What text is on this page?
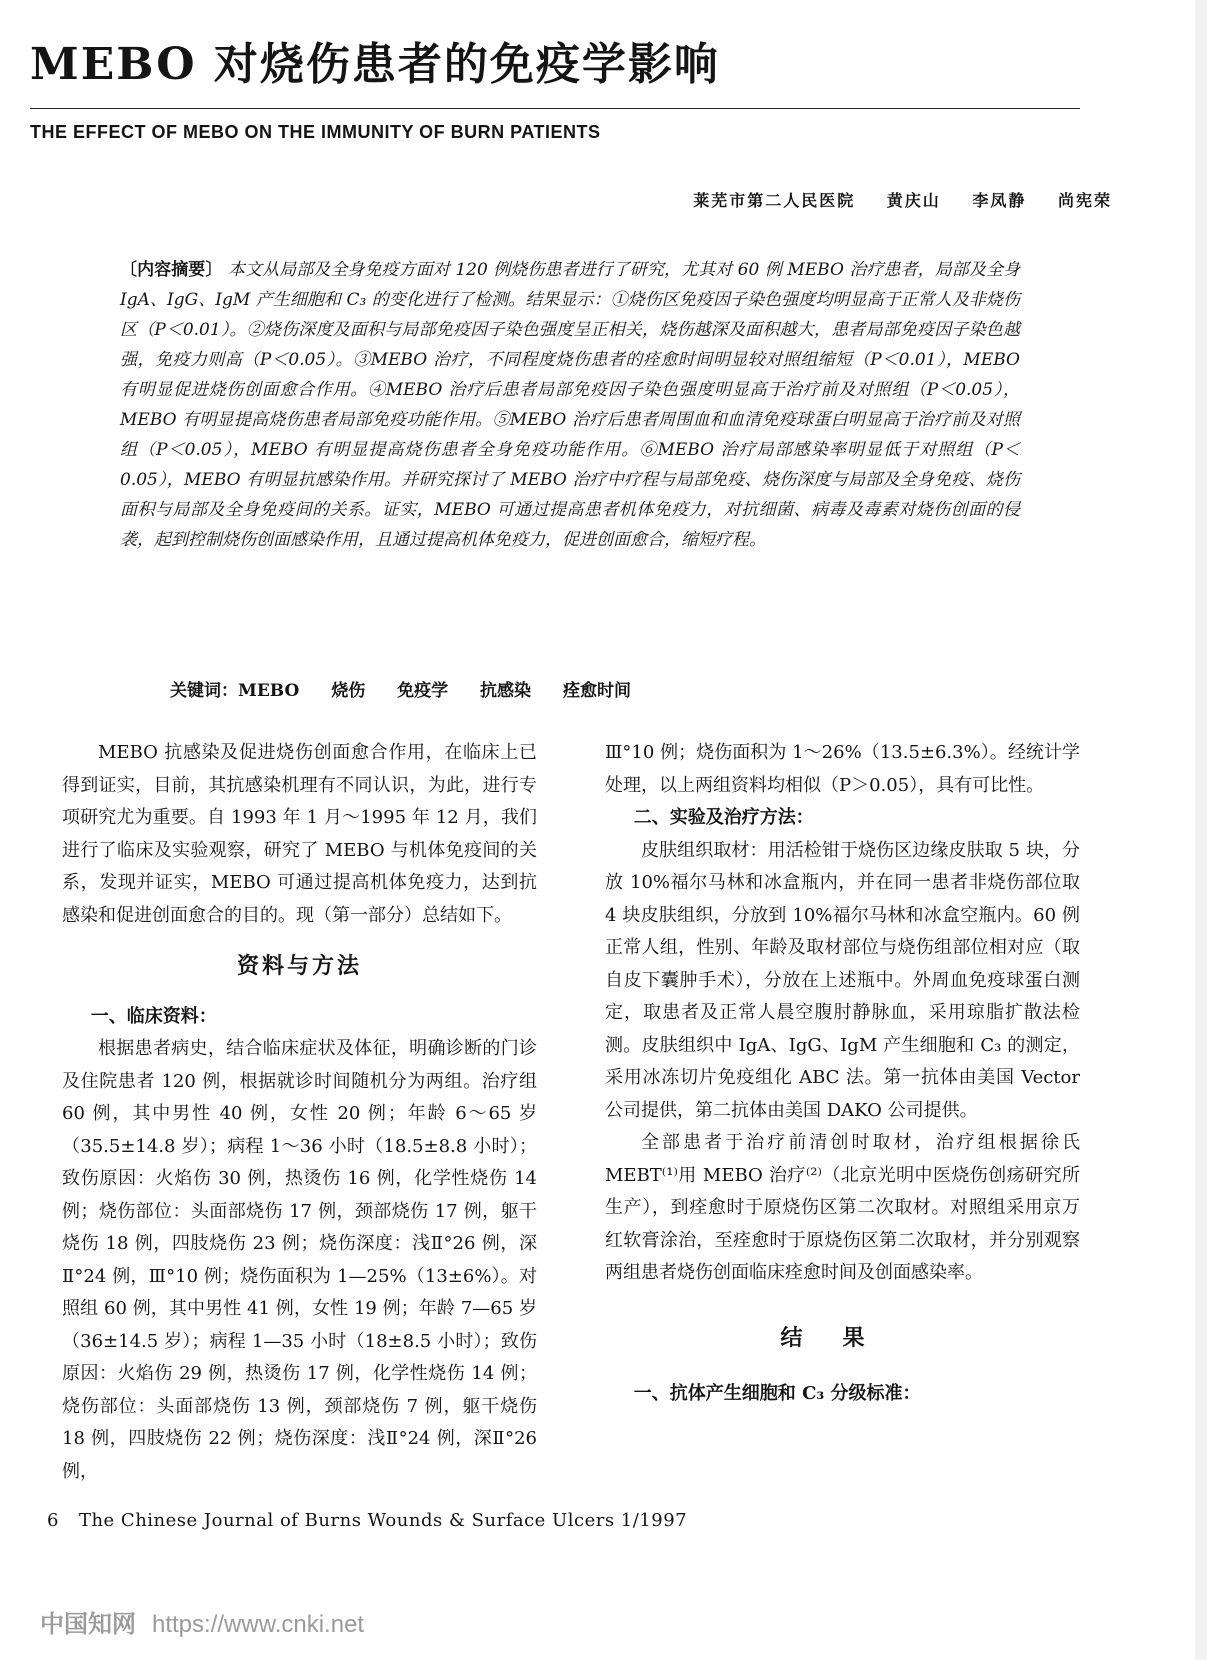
MEBO 对烧伤患者的免疫学影响
THE EFFECT OF MEBO ON THE IMMUNITY OF BURN PATIENTS
莱芜市第二人民医院 黄庆山 李凤静 尚宪荣
〔内容摘要〕 本文从局部及全身免疫方面对 120 例烧伤患者进行了研究，尤其对 60 例 MEBO 治疗患者，局部及全身 IgA、IgG、IgM 产生细胞和 C₃ 的变化进行了检测。结果显示：①烧伤区免疫因子染色强度均明显高于正常人及非烧伤区（P＜0.01）。②烧伤深度及面积与局部免疫因子染色强度呈正相关，烧伤越深及面积越大，患者局部免疫因子染色越强，免疫力则高（P＜0.05）。③MEBO 治疗，不同程度烧伤患者的痊愈时间明显较对照组缩短（P＜0.01），MEBO 有明显促进烧伤创面愈合作用。④MEBO 治疗后患者局部免疫因子染色强度明显高于治疗前及对照组（P＜0.05），MEBO 有明显提高烧伤患者局部免疫功能作用。⑤MEBO 治疗后患者周围血和血清免疫球蛋白明显高于治疗前及对照组（P＜0.05），MEBO 有明显提高烧伤患者全身免疫功能作用。⑥MEBO 治疗局部感染率明显低于对照组（P＜0.05），MEBO 有明显抗感染作用。并研究探讨了 MEBO 治疗中疗程与局部免疫、烧伤深度与局部及全身免疫、烧伤面积与局部及全身免疫间的关系。证实，MEBO 可通过提高患者机体免疫力，对抗细菌、病毒及毒素对烧伤创面的侵袭，起到控制烧伤创面感染作用，且通过提高机体免疫力，促进创面愈合，缩短疗程。
关键词：MEBO 烧伤 免疫学 抗感染 痊愈时间

MEBO 抗感染及促进烧伤创面愈合作用，在临床上已得到证实，目前，其抗感染机理有不同认识，为此，进行专项研究尤为重要。自 1993 年 1 月～1995 年 12 月，我们进行了临床及实验观察，研究了 MEBO 与机体免疫间的关系，发现并证实，MEBO 可通过提高机体免疫力，达到抗感染和促进创面愈合的目的。现（第一部分）总结如下。

资料与方法
一、临床资料：

根据患者病史，结合临床症状及体征，明确诊断的门诊及住院患者 120 例，根据就诊时间随机分为两组。治疗组 60 例，其中男性 40 例，女性 20 例；年龄 6～65 岁（35.5±14.8 岁）；病程 1～36 小时（18.5±8.8 小时）；致伤原因：火焰伤 30 例，热烫伤 16 例，化学性烧伤 14 例；烧伤部位：头面部烧伤 17 例，颈部烧伤 17 例，躯干烧伤 18 例，四肢烧伤 23 例；烧伤深度：浅Ⅱ°26 例，深Ⅱ°24 例，Ⅲ°10 例；烧伤面积为 1—25%（13±6%）。对照组 60 例，其中男性 41 例，女性 19 例；年龄 7—65 岁（36±14.5 岁）；病程 1—35 小时（18±8.5 小时）；致伤原因：火焰伤 29 例，热烫伤 17 例，化学性烧伤 14 例；烧伤部位：头面部烧伤 13 例，颈部烧伤 7 例，躯干烧伤 18 例，四肢烧伤 22 例；烧伤深度：浅Ⅱ°24 例，深Ⅱ°26 例，

Ⅲ°10 例；烧伤面积为 1～26%（13.5±6.3%）。经统计学处理，以上两组资料均相似（P＞0.05），具有可比性。

二、实验及治疗方法：

皮肤组织取材：用活检钳于烧伤区边缘皮肤取 5 块，分放 10%福尔马林和冰盒瓶内，并在同一患者非烧伤部位取 4 块皮肤组织，分放到 10%福尔马林和冰盒空瓶内。60 例正常人组，性别、年龄及取材部位与烧伤组部位相对应（取自皮下囊肿手术），分放在上述瓶中。外周血免疫球蛋白测定，取患者及正常人晨空腹肘静脉血，采用琼脂扩散法检测。皮肤组织中 IgA、IgG、IgM 产生细胞和 C₃ 的测定，采用冰冻切片免疫组化 ABC 法。第一抗体由美国 Vector 公司提供，第二抗体由美国 DAKO 公司提供。

全部患者于治疗前清创时取材，治疗组根据徐氏 MEBT⁽¹⁾用 MEBO 治疗⁽²⁾（北京光明中医烧伤创疡研究所生产），到痊愈时于原烧伤区第二次取材。对照组采用京万红软膏涂治，至痊愈时于原烧伤区第二次取材，并分别观察两组患者烧伤创面临床痊愈时间及创面感染率。

结果
一、抗体产生细胞和 C₃ 分级标准：
6 The Chinese Journal of Burns Wounds & Surface Ulcers 1/1997
中国知网 https://www.cnki.net
